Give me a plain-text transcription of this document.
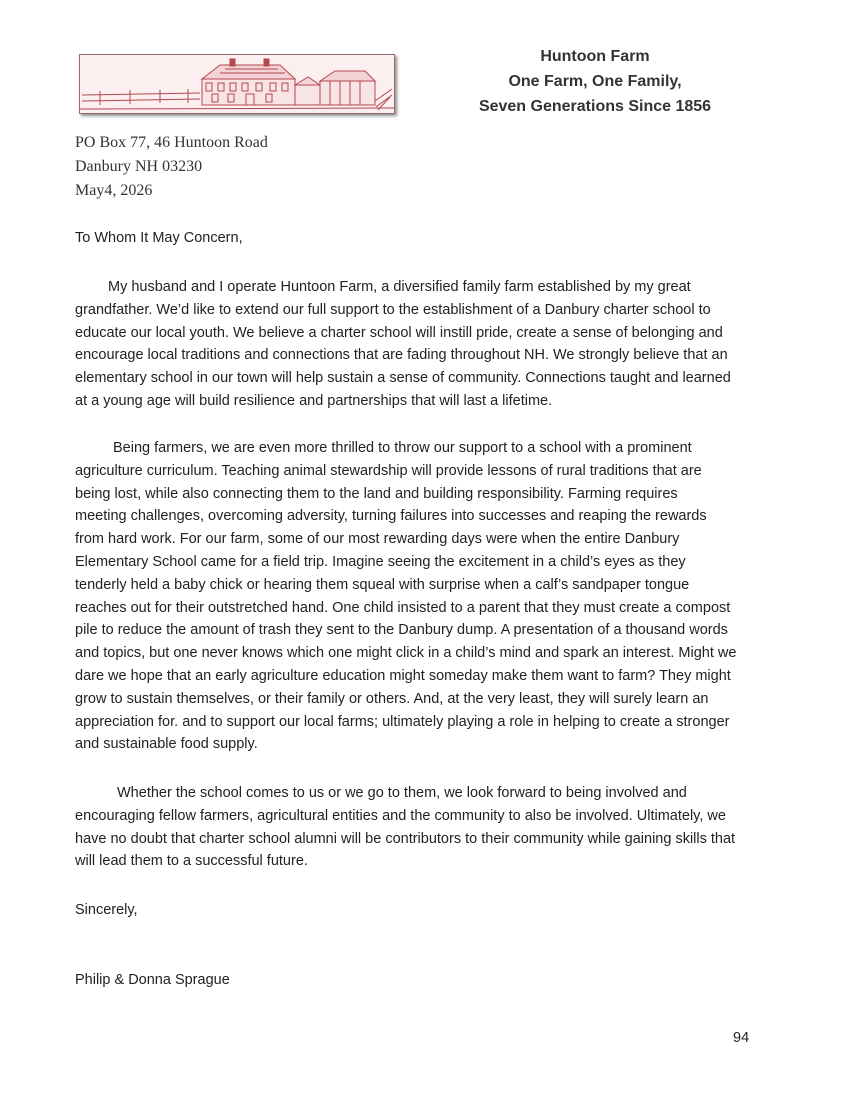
Huntoon Farm
One Farm, One Family,
Seven Generations Since 1856
PO Box 77, 46 Huntoon Road
Danbury NH 03230
May4, 2026
To Whom It May Concern,

My husband and I operate Huntoon Farm, a diversified family farm established by my great
grandfather. We’d like to extend our full support to the establishment of a Danbury charter school to
educate our local youth. We believe a charter school will instill pride, create a sense of belonging and
encourage local traditions and connections that are fading throughout NH. We strongly believe that an
elementary school in our town will help sustain a sense of community. Connections taught and learned
at a young age will build resilience and partnerships that will last a lifetime.

Being farmers, we are even more thrilled to throw our support to a school with a prominent
agriculture curriculum. Teaching animal stewardship will provide lessons of rural traditions that are
being lost, while also connecting them to the land and building responsibility. Farming requires
meeting challenges, overcoming adversity, turning failures into successes and reaping the rewards
from hard work. For our farm, some of our most rewarding days were when the entire Danbury
Elementary School came for a field trip. Imagine seeing the excitement in a child’s eyes as they
tenderly held a baby chick or hearing them squeal with surprise when a calf’s sandpaper tongue
reaches out for their outstretched hand. One child insisted to a parent that they must create a compost
pile to reduce the amount of trash they sent to the Danbury dump. A presentation of a thousand words
and topics, but one never knows which one might click in a child’s mind and spark an interest. Might we
dare we hope that an early agriculture education might someday make them want to farm? They might
grow to sustain themselves, or their family or others. And, at the very least, they will surely learn an
appreciation for. and to support our local farms; ultimately playing a role in helping to create a stronger
and sustainable food supply.

Whether the school comes to us or we go to them, we look forward to being involved and
encouraging fellow farmers, agricultural entities and the community to also be involved. Ultimately, we
have no doubt that charter school alumni will be contributors to their community while gaining skills that
will lead them to a successful future.

Sincerely,
Philip & Donna Sprague
94
